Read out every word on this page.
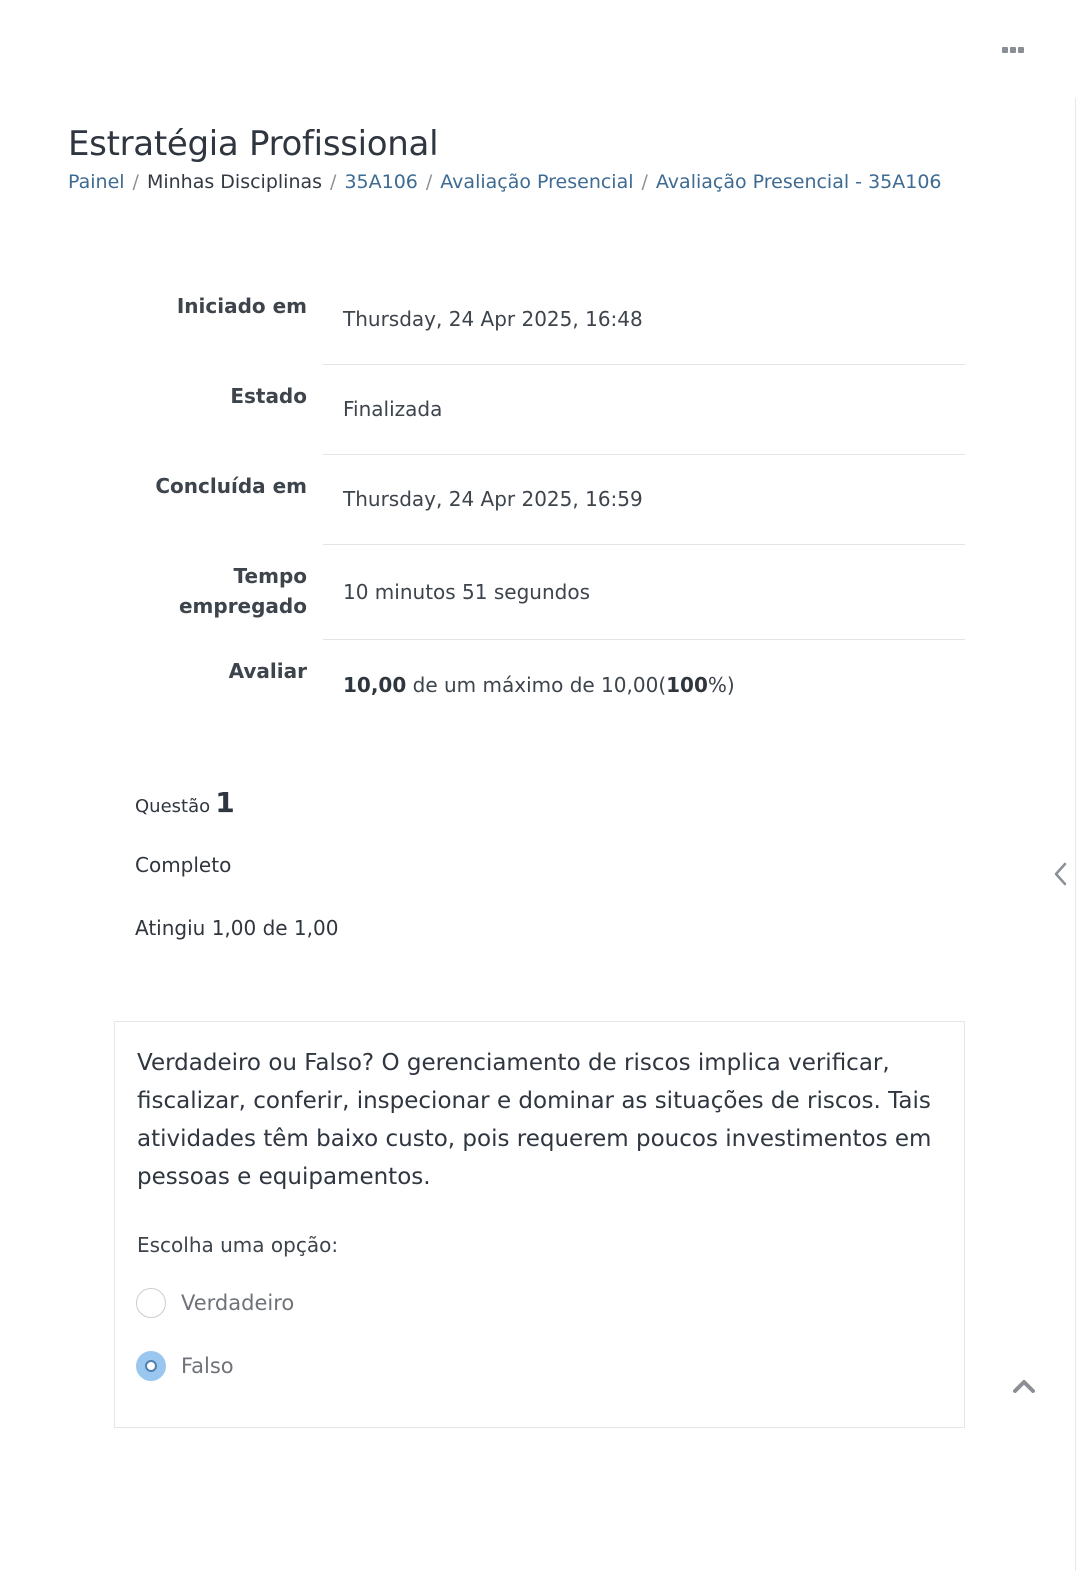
Estratégia Profissional
Painel / Minhas Disciplinas / 35A106 / Avaliação Presencial / Avaliação Presencial - 35A106
Iniciado em
Thursday, 24 Apr 2025, 16:48
Estado
Finalizada
Concluída em
Thursday, 24 Apr 2025, 16:59
Tempo
empregado
10 minutos 51 segundos
Avaliar
10,00 de um máximo de 10,00(100%)
Questão 1
Completo
Atingiu 1,00 de 1,00
Verdadeiro ou Falso? O gerenciamento de riscos implica verificar, fiscalizar, conferir, inspecionar e dominar as situações de riscos. Tais atividades têm baixo custo, pois requerem poucos investimentos em pessoas e equipamentos.
Escolha uma opção:
Verdadeiro
Falso
